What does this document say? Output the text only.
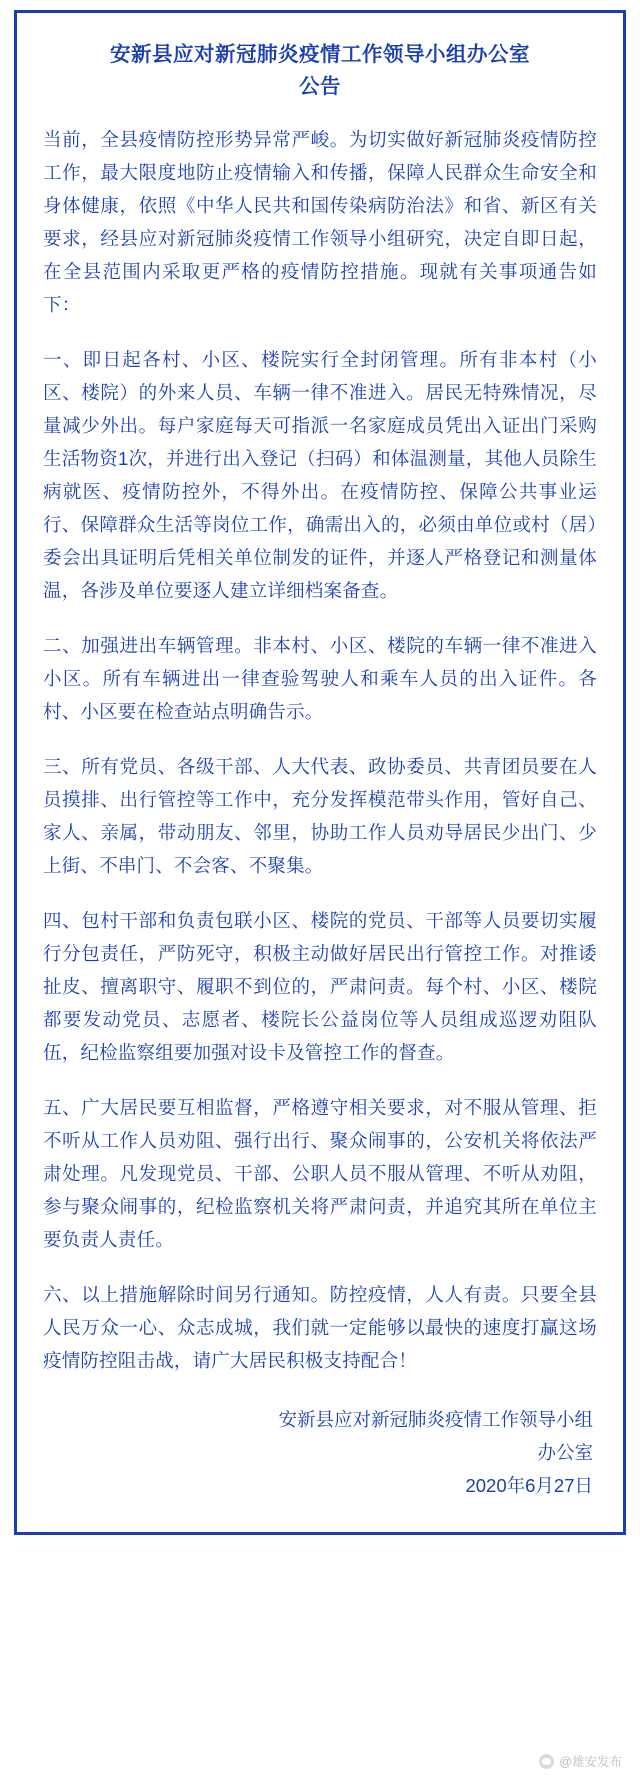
安新县应对新冠肺炎疫情工作领导小组办公室
公告

当前，全县疫情防控形势异常严峻。为切实做好新冠肺炎疫情防控工作，最大限度地防止疫情输入和传播，保障人民群众生命安全和身体健康，依照《中华人民共和国传染病防治法》和省、新区有关要求，经县应对新冠肺炎疫情工作领导小组研究，决定自即日起，在全县范围内采取更严格的疫情防控措施。现就有关事项通告如下：

一、即日起各村、小区、楼院实行全封闭管理。所有非本村（小区、楼院）的外来人员、车辆一律不准进入。居民无特殊情况，尽量减少外出。每户家庭每天可指派一名家庭成员凭出入证出门采购生活物资1次，并进行出入登记（扫码）和体温测量，其他人员除生病就医、疫情防控外，不得外出。在疫情防控、保障公共事业运行、保障群众生活等岗位工作，确需出入的，必须由单位或村（居）委会出具证明后凭相关单位制发的证件，并逐人严格登记和测量体温，各涉及单位要逐人建立详细档案备查。

二、加强进出车辆管理。非本村、小区、楼院的车辆一律不准进入小区。所有车辆进出一律查验驾驶人和乘车人员的出入证件。各村、小区要在检查站点明确告示。

三、所有党员、各级干部、人大代表、政协委员、共青团员要在人员摸排、出行管控等工作中，充分发挥模范带头作用，管好自己、家人、亲属，带动朋友、邻里，协助工作人员劝导居民少出门、少上街、不串门、不会客、不聚集。

四、包村干部和负责包联小区、楼院的党员、干部等人员要切实履行分包责任，严防死守，积极主动做好居民出行管控工作。对推诿扯皮、擅离职守、履职不到位的，严肃问责。每个村、小区、楼院都要发动党员、志愿者、楼院长公益岗位等人员组成巡逻劝阻队伍，纪检监察组要加强对设卡及管控工作的督查。

五、广大居民要互相监督，严格遵守相关要求，对不服从管理、拒不听从工作人员劝阻、强行出行、聚众闹事的，公安机关将依法严肃处理。凡发现党员、干部、公职人员不服从管理、不听从劝阻，参与聚众闹事的，纪检监察机关将严肃问责，并追究其所在单位主要负责人责任。

六、以上措施解除时间另行通知。防控疫情，人人有责。只要全县人民万众一心、众志成城，我们就一定能够以最快的速度打赢这场疫情防控阻击战，请广大居民积极支持配合！

安新县应对新冠肺炎疫情工作领导小组
办公室
2020年6月27日
@雄安发布
